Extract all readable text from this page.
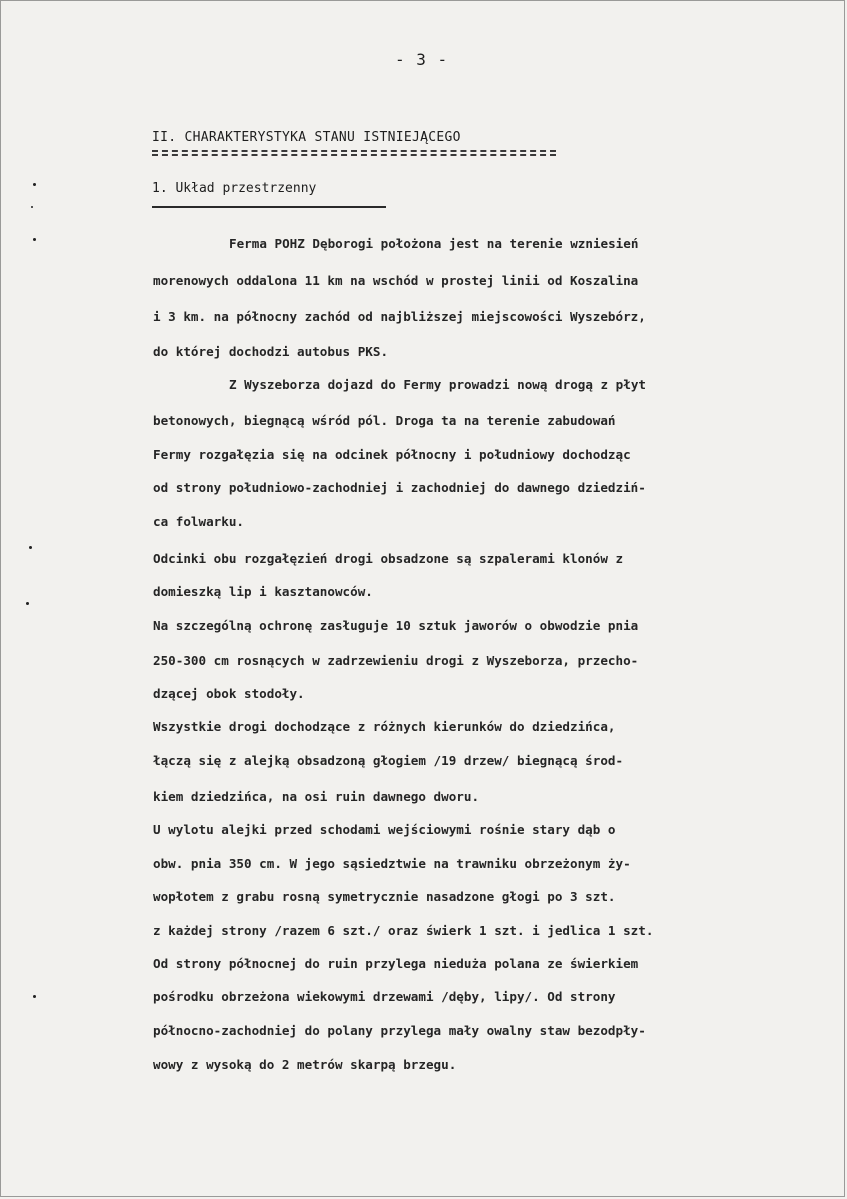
- 3 -
II. CHARAKTERYSTYKA STANU ISTNIEJĄCEGO
1. Układ przestrzenny
Ferma POHZ Dęborogi położona jest na terenie wzniesień
morenowych oddalona 11 km na wschód w prostej linii od Koszalina
i 3 km. na północny zachód od najbliższej miejscowości Wyszebórz,
do której dochodzi autobus PKS.
Z Wyszeborza dojazd do Fermy prowadzi nową drogą z płyt
betonowych, biegnącą wśród pól. Droga ta na terenie zabudowań
Fermy rozgałęzia się na odcinek północny i południowy dochodząc
od strony południowo-zachodniej i zachodniej do dawnego dziedziń-
ca folwarku.
Odcinki obu rozgałęzień drogi obsadzone są szpalerami klonów z
domieszką lip i kasztanowców.
Na szczególną ochronę zasługuje 10 sztuk jaworów o obwodzie pnia
250-300 cm rosnących w zadrzewieniu drogi z Wyszeborza, przecho-
dzącej obok stodoły.
Wszystkie drogi dochodzące z różnych kierunków do dziedzińca,
łączą się z alejką obsadzoną głogiem /19 drzew/ biegnącą środ-
kiem dziedzińca, na osi ruin dawnego dworu.
U wylotu alejki przed schodami wejściowymi rośnie stary dąb o
obw. pnia 350 cm. W jego sąsiedztwie na trawniku obrzeżonym ży-
wopłotem z grabu rosną symetrycznie nasadzone głogi po 3 szt.
z każdej strony /razem 6 szt./ oraz świerk 1 szt. i jedlica 1 szt.
Od strony północnej do ruin przylega nieduża polana ze świerkiem
pośrodku obrzeżona wiekowymi drzewami /dęby, lipy/. Od strony
północno-zachodniej do polany przylega mały owalny staw bezodpły-
wowy z wysoką do 2 metrów skarpą brzegu.
